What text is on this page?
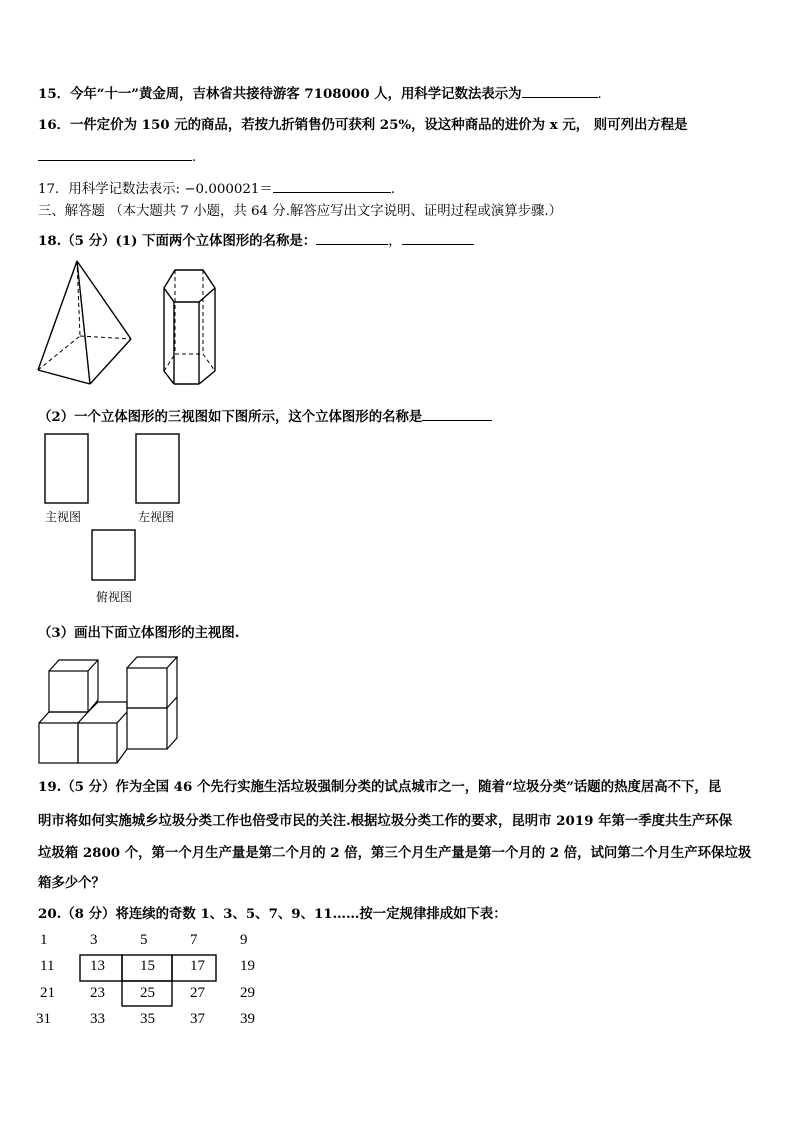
15．今年“十一”黄金周，吉林省共接待游客 7108000 人，用科学记数法表示为	．
16．一件定价为 150 元的商品，若按九折销售仍可获利 25%，设这种商品的进价为 x 元， 则可列出方程是
．
17．用科学记数法表示: −0.000021＝	．
三、解答题 （本大题共 7 小题，共 64 分.解答应写出文字说明、证明过程或演算步骤.）
18.（5 分）(1) 下面两个立体图形的名称是：	，
（2）一个立体图形的三视图如下图所示，这个立体图形的名称是
主视图	左视图
俯视图
（3）画出下面立体图形的主视图.
19.（5 分）作为全国 46 个先行实施生活垃圾强制分类的试点城市之一，随着“垃圾分类”话题的热度居高不下，昆
明市将如何实施城乡垃圾分类工作也倍受市民的关注.根据垃圾分类工作的要求，昆明市 2019 年第一季度共生产环保
垃圾箱 2800 个，第一个月生产量是第二个月的 2 倍，第三个月生产量是第一个月的 2 倍，试问第二个月生产环保垃圾
箱多少个？
20.（8 分）将连续的奇数 1、3、5、7、9、11……按一定规律排成如下表：
1	3	5	7	9
11 13 15 17 19
21 23 25 27 29
31	33 35 37 39
